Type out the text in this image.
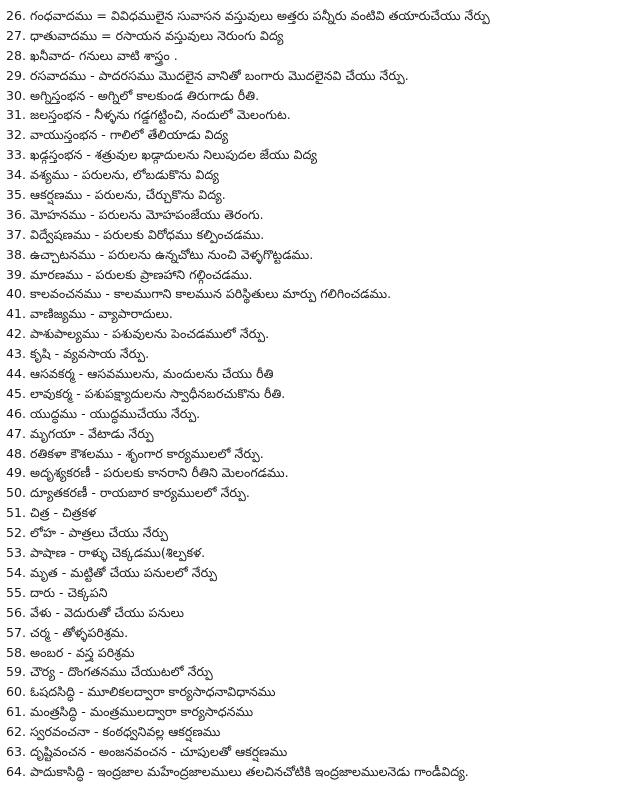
26. గంధవాదము = వివిధములైన సువాసన వస్తువులు అత్తరు పన్నీరు వంటివి తయారుచేయు నేర్పు
27. ధాతువాదము = రసాయన వస్తువులు నెరుంగు విద్య
28. ఖనీవాద- గనులు వాటి శాస్త్రం .
29. రసవాదము - పాదరసము మొదలైన వానితో బంగారు మొదలైనవి చేయు నేర్పు.
30. అగ్నిస్తంభన - అగ్నిలో కాలకుండ తిరుగాడు రీతి.
31. జలస్తంభన - నీళ్ళను గడ్డగట్టించి, నందులో మెలంగుట.
32. వాయుస్తంభన - గాలిలో తేలియాడు విద్య
33. ఖడ్గస్తంభన - శత్రువుల ఖడ్గాదులను నిలుపుదల జేయు విద్య
34. వశ్యము - పరులను, లోబడుకొను విద్య
35. ఆకర్షణము - పరులను, చేర్చుకొను విద్య.
36. మోహనము - పరులను మోహపంజేయు తెరంగు.
37. విద్వేషణము - పరులకు విరోధము కల్పించడము.
38. ఉచ్చాటనము - పరులను ఉన్నచోటు నుంచి వెళ్ళగొట్టడము.
39. మారణము - పరులకు ప్రాణహాని గల్గించడము.
40. కాలవంచనము - కాలముగాని కాలమున పరిస్థితులు మార్పు గలిగించడము.
41. వాణిజ్యము - వ్యాపారాదులు.
42. పాశుపాల్యము - పశువులను పెంచడములో నేర్పు.
43. కృషి - వ్యవసాయ నేర్పు.
44. ఆసవకర్మ - ఆసవములను, మందులను చేయు రీతి
45. లావుకర్మ - పశుపక్ష్యాదులను స్వాధీనబరచుకొను రీతి.
46. యుద్ధము - యుద్ధముచేయు నేర్పు.
47. మృగయా - వేటాడు నేర్పు
48. రతికళా కౌశలము - శృంగార కార్యములలో నేర్పు.
49. అదృశ్యకరణీ - పరులకు కానరాని రీతిని మెలంగడము.
50. ద్యూతకరణీ - రాయబార కార్యములలో నేర్పు.
51. చిత్ర - చిత్రకళ
52. లోహ - పాత్రలు చేయు నేర్పు
53. పాషాణ - రాళ్ళు చెక్కడము(శిల్పకళ.
54. మృత - మట్టితో చేయు పనులలో నేర్పు
55. దారు - చెక్కపని
56. వేళు - వెదురుతో చేయు పనులు
57. చర్మ - తోళ్ళపరిశ్రమ.
58. అంబర - వస్త్ర పరిశ్రమ
59. చౌర్య - దొంగతనము చేయుటలో నేర్పు
60. ఓషదసిద్ధి - మూలికలద్వారా కార్యసాధనావిధానము
61. మంత్రసిద్ధి - మంత్రములద్వారా కార్యసాధనము
62. స్వరవంచనా - కంఠధ్వనివల్ల ఆకర్షణము
63. దృష్టివంచన - అంజనవంచన - చూపులతో ఆకర్షణము
64. పాదుకాసిద్ధి - ఇంద్రజాల మహేంద్రజాలములు తలచినచోటికి ఇంద్రజాలములనెడు గాండీవిద్య.
